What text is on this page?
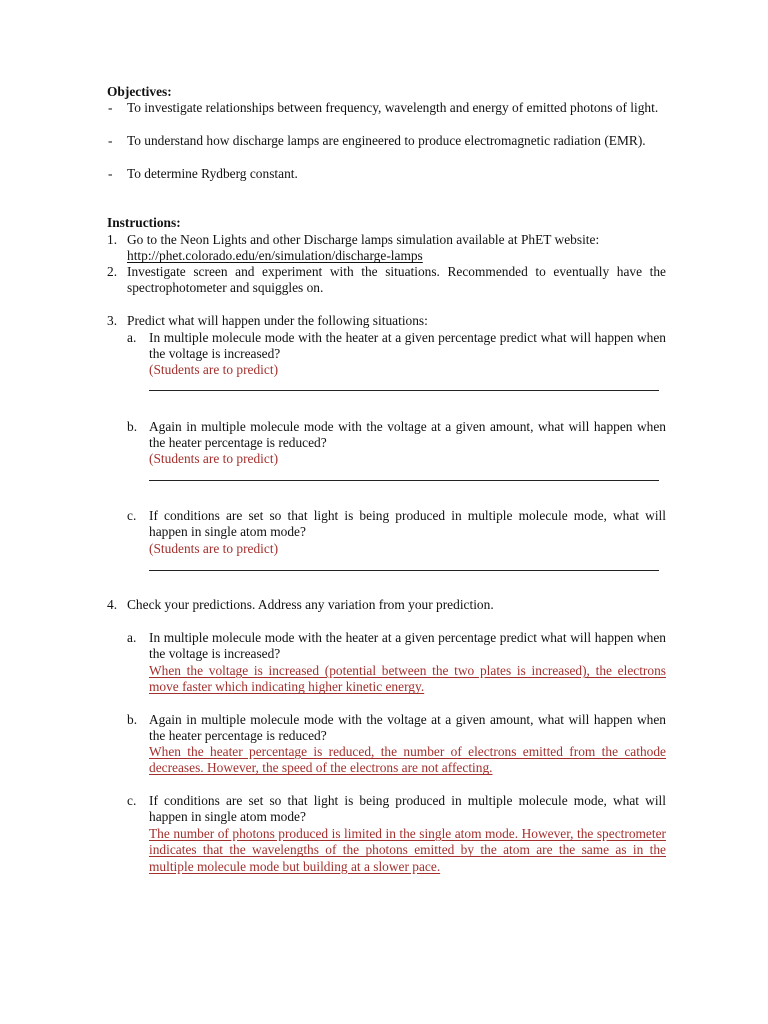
Objectives:

- To investigate relationships between frequency, wavelength and energy of emitted photons of light.

- To understand how discharge lamps are engineered to produce electromagnetic radiation (EMR).

- To determine Rydberg constant.

Instructions:

1. Go to the Neon Lights and other Discharge lamps simulation available at PhET website:

http://phet.colorado.edu/en/simulation/discharge-lamps

2. Investigate screen and experiment with the situations. Recommended to eventually have the spectrophotometer and squiggles on.

3. Predict what will happen under the following situations:

a. In multiple molecule mode with the heater at a given percentage predict what will happen when the voltage is increased?

(Students are to predict)

b. Again in multiple molecule mode with the voltage at a given amount, what will happen when the heater percentage is reduced?

(Students are to predict)

c. If conditions are set so that light is being produced in multiple molecule mode, what will happen in single atom mode?

(Students are to predict)

4. Check your predictions. Address any variation from your prediction.

a. In multiple molecule mode with the heater at a given percentage predict what will happen when the voltage is increased?

When the voltage is increased (potential between the two plates is increased), the electrons move faster which indicating higher kinetic energy.

b. Again in multiple molecule mode with the voltage at a given amount, what will happen when the heater percentage is reduced?

When the heater percentage is reduced, the number of electrons emitted from the cathode decreases. However, the speed of the electrons are not affecting.

c. If conditions are set so that light is being produced in multiple molecule mode, what will happen in single atom mode?

The number of photons produced is limited in the single atom mode. However, the spectrometer indicates that the wavelengths of the photons emitted by the atom are the same as in the multiple molecule mode but building at a slower pace.
